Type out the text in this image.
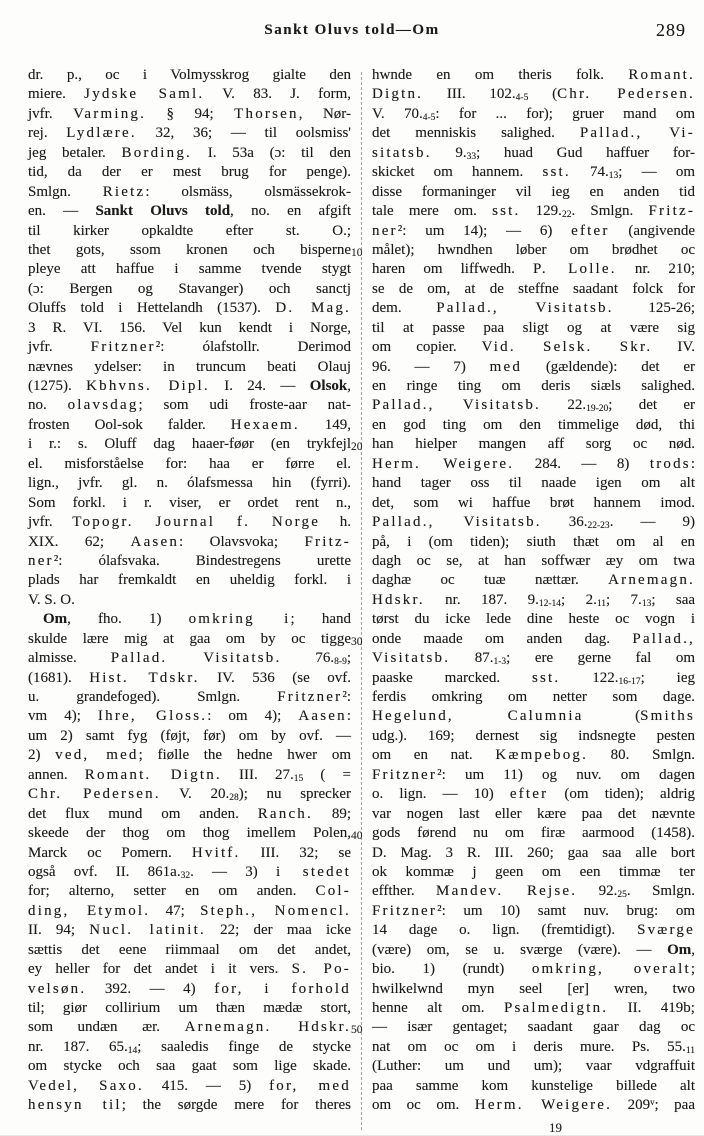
Sankt Oluvs told—Om	289
dr. p., oc i Volmysskrog gialte den
miere. Jydske Saml. V. 83. J. form,
jvfr. Varming. § 94; Thorsen, Nør-
rej. Lydlære. 32, 36; — til oolsmiss'
jeg betaler. Bording. I. 53a (ɔ: til den
tid, da der er mest brug for penge).
Smlgn. Rietz: olsmäss, olsmässekrok-
en. — Sankt Oluvs told, no. en afgift
til kirker opkaldte efter st. O.;
thet gots, ssom kronen och bisperne
pleye att haffue i samme tvende stygt
(ɔ: Bergen og Stavanger) och sanctj
Oluffs told i Hettelandh (1537). D. Mag.
3 R. VI. 156. Vel kun kendt i Norge,
jvfr. Fritzner²: ólafstollr. Derimod
nævnes ydelser: in truncum beati Olauj
(1275). Kbhvns. Dipl. I. 24. — Olsok,
no. olavsdag; som udi froste-aar nat-
frosten Ool-sok falder. Hexaem. 149,
i r.: s. Oluff dag haaer-føør (en trykfejl
el. misforståelse for: haa er førre el.
lign., jvfr. gl. n. ólafsmessa hin (fyrri).
Som forkl. i r. viser, er ordet rent n.,
jvfr. Topogr. Journal f. Norge h.
XIX. 62; Aasen: Olavsvoka; Fritz-
ner²: ólafsvaka. Bindestregens urette
plads har fremkaldt en uheldig forkl. i
V. S. O.
Om, fho. 1) omkring i; hand
skulde lære mig at gaa om by oc tigge
almisse. Pallad. Visitatsb. $76._{8-9}$;
(1681). Hist. Tdskr. IV. 536 (se ovf.
u. grandefoged). Smlgn. Fritzner²:
vm 4); Ihre, Gloss.: om 4); Aasen:
um 2) samt fyg (føjt, før) om by ovf. —
2) ved, med; fiølle the hedne hwer om
annen. Romant. Digtn. III. $27._{15}$ ( =
Chr. Pedersen. V. $20._{28}$); nu sprecker
det flux mund om anden. Ranch. 89;
skeede der thog om thog imellem Polen,
Marck oc Pomern. Hvitf. III. 32; se
også ovf. II. $861a._{32}$. — 3) i stedet
for; alterno, setter en om anden. Col-
ding, Etymol. 47; Steph., Nomencl.
II. 94; Nucl. latinit. 22; der maa icke
sættis det eene riimmaal om det andet,
ey heller for det andet i it vers. S. Po-
velsøn. 392. — 4) for, i forhold
til; giør collirium um thæn mædæ stort,
som undæn ær. Arnemagn. Hdskr.
nr. 187. $65._{14}$; saaledis finge de stycke
om stycke och saa gaat som lige skade.
Vedel, Saxo. 415. — 5) for, med
hensyn til; the sørgde mere for theres
hwnde en om theris folk. Romant.
Digtn. III. $102._{4-5}$ (Chr. Pedersen.
V. $70._{4-5}$: for ... for); gruer mand om
det menniskis salighed. Pallad., Vi-
sitatsb. $9._{33}$; huad Gud haffuer for-
skicket om hannem. sst. $74._{13}$; — om
disse formaninger vil ieg en anden tid
tale mere om. sst. $129._{22}$. Smlgn. Fritz-
ner²: um 14); — 6) efter (angivende
målet); hwndhen løber om brødhet oc
10
haren om liffwedh. P. Lolle. nr. 210;
se de om, at de steffne saadant folck for
dem. Pallad., Visitatsb. 125-26;
til at passe paa sligt og at være sig
om copier. Vid. Selsk. Skr. IV.
96. — 7) med (gældende): det er
en ringe ting om deris siæls salighed.
Pallad., Visitatsb. $22._{19-20}$; det er
en god ting om den timmelige død, thi
han hielper mangen aff sorg oc nød.
20
Herm. Weigere. 284. — 8) trods:
hand tager oss til naade igen om alt
det, som wi haffue brøt hannem imod.
Pallad., Visitatsb. $36._{22-23}$. — 9)
på, i (om tiden); siuth thæt om al en
dagh oc se, at han soffwær æy om twa
daghæ oc tuæ nættær. Arnemagn.
Hdskr. nr. 187. $9._{12-14}$; $2._{11}$; $7._{13}$; saa
tørst du icke lede dine heste oc vogn i
onde maade om anden dag. Pallad.,
30
Visitatsb. $87._{1-3}$; ere gerne fal om
paaske marcked. sst. $122._{16-17}$; ieg
ferdis omkring om netter som dage.
Hegelund, Calumnia (Smiths
udg.). 169; dernest sig indsnegte pesten
om en nat. Kæmpebog. 80. Smlgn.
Fritzner²: um 11) og nuv. om dagen
o. lign. — 10) efter (om tiden); aldrig
var nogen last eller kære paa det nævnte
gods førend nu om firæ aarmood (1458).
40
D. Mag. 3 R. III. 260; gaa saa alle bort
ok kommæ j geen om een timmæ ter
effther. Mandev. Rejse. $92._{25}$. Smlgn.
Fritzner²: um 10) samt nuv. brug: om
14 dage o. lign. (fremtidigt). Sværge
(være) om, se u. sværge (være). — Om,
bio. 1) (rundt) omkring, overalt;
hwilkelwnd myn seel [er] wren, two
henne alt om. Psalmedigtn. II. 419b;
— især gentaget; saadant gaar dag oc
50
nat om oc om i deris mure. Ps. $55._{11}$
(Luther: um und um); vaar vdgraffuit
paa samme kom kunstelige billede alt
om oc om. Herm. Weigere. 209ᵛ; paa
19
